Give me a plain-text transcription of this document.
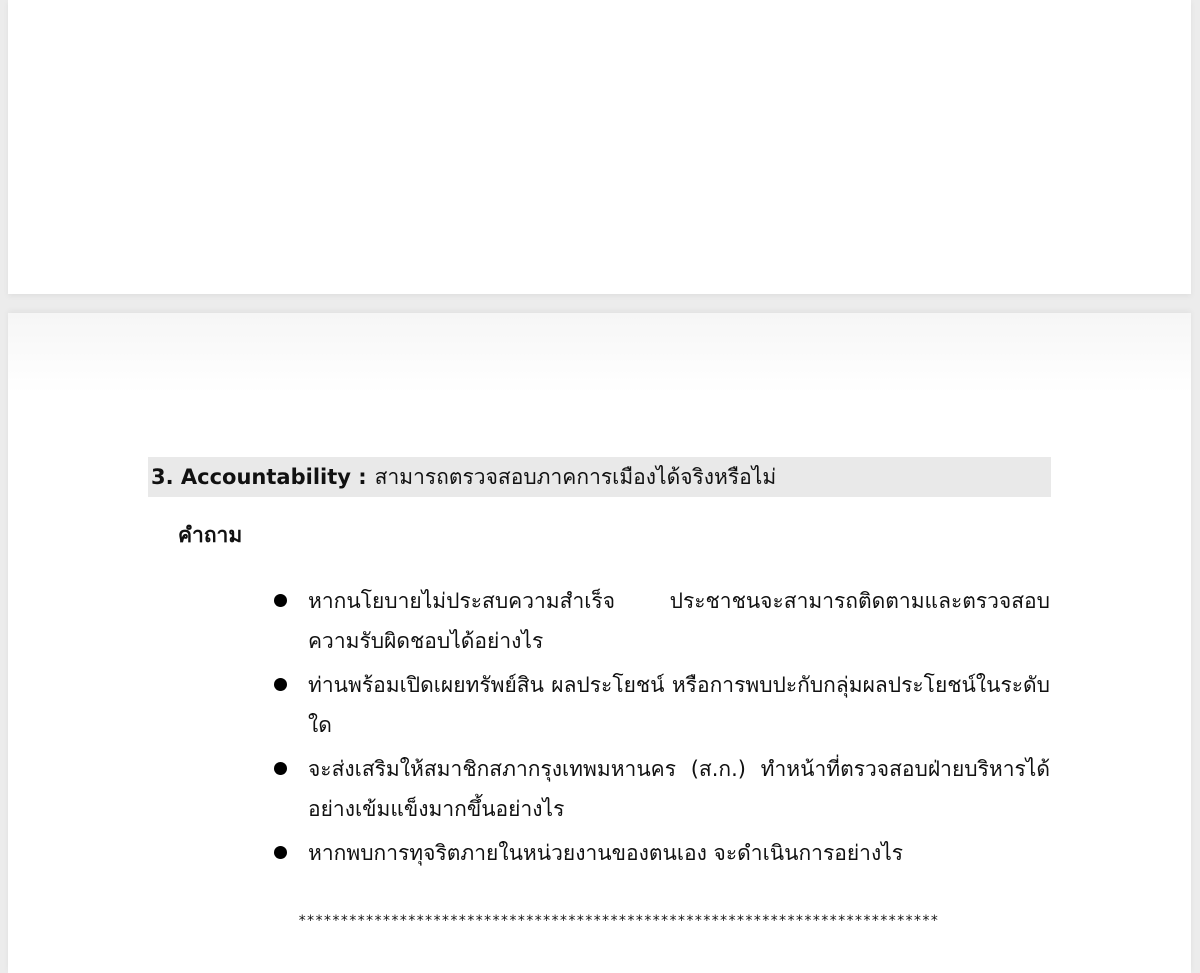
3. Accountability : สามารถตรวจสอบภาคการเมืองได้จริงหรือไม่
คำถาม
หากนโยบายไม่ประสบความสำเร็จ ประชาชนจะสามารถติดตามและตรวจสอบความรับผิดชอบได้อย่างไร
ท่านพร้อมเปิดเผยทรัพย์สิน ผลประโยชน์ หรือการพบปะกับกลุ่มผลประโยชน์ในระดับใด
จะส่งเสริมให้สมาชิกสภากรุงเทพมหานคร (ส.ก.) ทำหน้าที่ตรวจสอบฝ่ายบริหารได้อย่างเข้มแข็งมากขึ้นอย่างไร
หากพบการทุจริตภายในหน่วยงานของตนเอง จะดำเนินการอย่างไร
****************************************************************************
